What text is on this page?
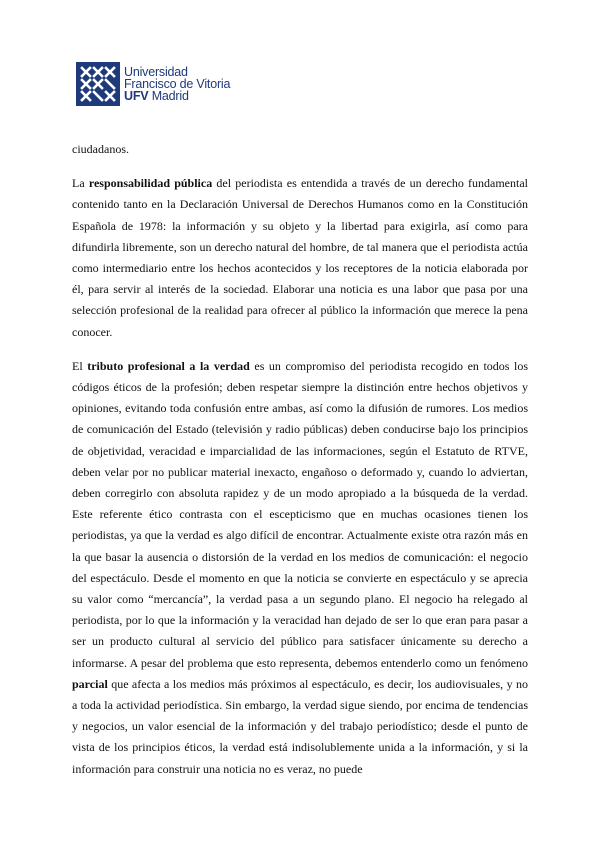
Universidad
Francisco de Vitoria
UFV Madrid

ciudadanos.

La responsabilidad pública del periodista es entendida a través de un derecho fundamental contenido tanto en la Declaración Universal de Derechos Humanos como en la Constitución Española de 1978: la información y su objeto y la libertad para exigirla, así como para difundirla libremente, son un derecho natural del hombre, de tal manera que el periodista actúa como intermediario entre los hechos acontecidos y los receptores de la noticia elaborada por él, para servir al interés de la sociedad. Elaborar una noticia es una labor que pasa por una selección profesional de la realidad para ofrecer al público la información que merece la pena conocer.

El tributo profesional a la verdad es un compromiso del periodista recogido en todos los códigos éticos de la profesión; deben respetar siempre la distinción entre hechos objetivos y opiniones, evitando toda confusión entre ambas, así como la difusión de rumores. Los medios de comunicación del Estado (televisión y radio públicas) deben conducirse bajo los principios de objetividad, veracidad e imparcialidad de las informaciones, según el Estatuto de RTVE, deben velar por no publicar material inexacto, engañoso o deformado y, cuando lo adviertan, deben corregirlo con absoluta rapidez y de un modo apropiado a la búsqueda de la verdad. Este referente ético contrasta con el escepticismo que en muchas ocasiones tienen los periodistas, ya que la verdad es algo difícil de encontrar. Actualmente existe otra razón más en la que basar la ausencia o distorsión de la verdad en los medios de comunicación: el negocio del espectáculo. Desde el momento en que la noticia se convierte en espectáculo y se aprecia su valor como “mercancía”, la verdad pasa a un segundo plano. El negocio ha relegado al periodista, por lo que la información y la veracidad han dejado de ser lo que eran para pasar a ser un producto cultural al servicio del público para satisfacer únicamente su derecho a informarse. A pesar del problema que esto representa, debemos entenderlo como un fenómeno parcial que afecta a los medios más próximos al espectáculo, es decir, los audiovisuales, y no a toda la actividad periodística. Sin embargo, la verdad sigue siendo, por encima de tendencias y negocios, un valor esencial de la información y del trabajo periodístico; desde el punto de vista de los principios éticos, la verdad está indisolublemente unida a la información, y si la información para construir una noticia no es veraz, no puede
